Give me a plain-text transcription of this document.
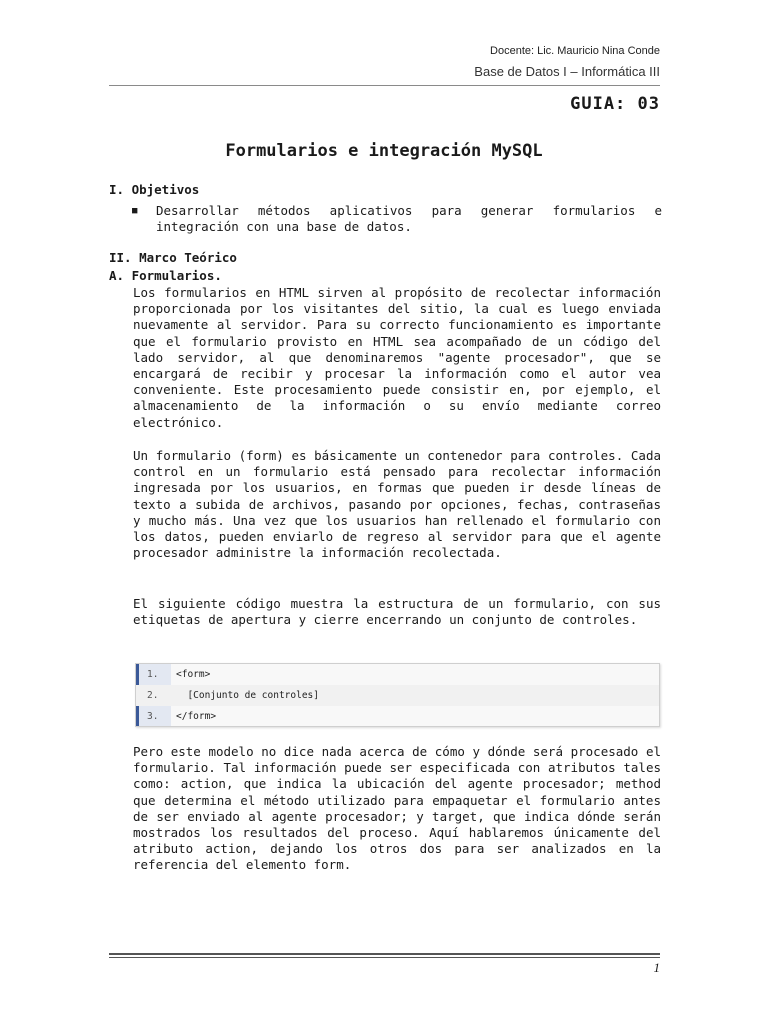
Docente: Lic. Mauricio Nina Conde
Base de Datos I – Informática III
GUIA: 03
Formularios e integración MySQL
I. Objetivos
■	Desarrollar métodos aplicativos para generar formularios e integración con una base de datos.
II. Marco Teórico
A. Formularios.

Los formularios en HTML sirven al propósito de recolectar información proporcionada por los visitantes del sitio, la cual es luego enviada nuevamente al servidor. Para su correcto funcionamiento es importante que el formulario provisto en HTML sea acompañado de un código del lado servidor, al que denominaremos "agente procesador", que se encargará de recibir y procesar la información como el autor vea conveniente. Este procesamiento puede consistir en, por ejemplo, el almacenamiento de la información o su envío mediante correo electrónico.

Un formulario (form) es básicamente un contenedor para controles. Cada control en un formulario está pensado para recolectar información ingresada por los usuarios, en formas que pueden ir desde líneas de texto a subida de archivos, pasando por opciones, fechas, contraseñas y mucho más. Una vez que los usuarios han rellenado el formulario con los datos, pueden enviarlo de regreso al servidor para que el agente procesador administre la información recolectada.

El siguiente código muestra la estructura de un formulario, con sus etiquetas de apertura y cierre encerrando un conjunto de controles.

1. <form>
2. [Conjunto de controles]
3. </form>

Pero este modelo no dice nada acerca de cómo y dónde será procesado el formulario. Tal información puede ser especificada con atributos tales como: action, que indica la ubicación del agente procesador; method que determina el método utilizado para empaquetar el formulario antes de ser enviado al agente procesador; y target, que indica dónde serán mostrados los resultados del proceso. Aquí hablaremos únicamente del atributo action, dejando los otros dos para ser analizados en la referencia del elemento form.

1
